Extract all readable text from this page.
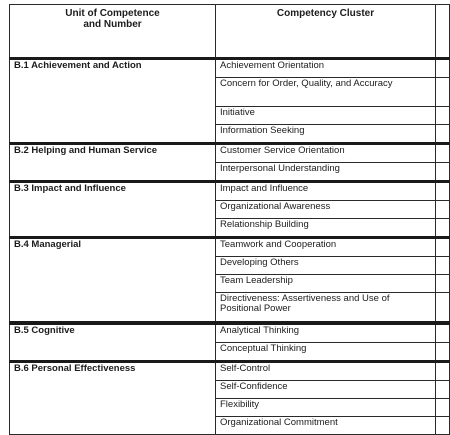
Unit of Competence
and Number	Competency Cluster	
B.1 Achievement and Action	Achievement Orientation	
	Concern for Order, Quality, and Accuracy	
	Initiative	
	Information Seeking	
B.2 Helping and Human Service	Customer Service Orientation	
	Interpersonal Understanding	
B.3 Impact and Influence	Impact and Influence	
	Organizational Awareness	
	Relationship Building	
B.4 Managerial	Teamwork and Cooperation	
	Developing Others	
	Team Leadership	
	Directiveness: Assertiveness and Use of Positional Power	
B.5 Cognitive	Analytical Thinking	
	Conceptual Thinking	
B.6 Personal Effectiveness	Self-Control	
	Self-Confidence	
	Flexibility	
	Organizational Commitment	
